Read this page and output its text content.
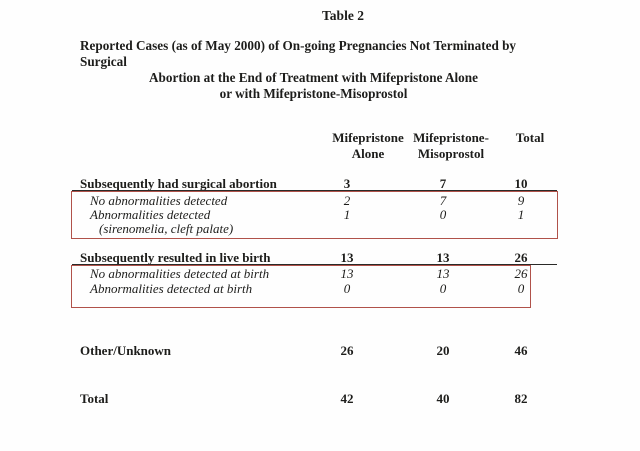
Table 2
Reported Cases (as of May 2000) of On-going Pregnancies Not Terminated by
Surgical
Abortion at the End of Treatment with Mifepristone Alone
or with Mifepristone-Misoprostol
Mifepristone
Alone
Mifepristone-
Misoprostol
Total
Subsequently had surgical abortion	3	7	10
No abnormalities detected	2	7	9
Abnormalities detected	1	0	1
(sirenomelia, cleft palate)
Subsequently resulted in live birth	13	13	26
No abnormalities detected at birth	13	13	26
Abnormalities detected at birth	0	0	0
Other/Unknown	26	20	46
Total	42	40	82
